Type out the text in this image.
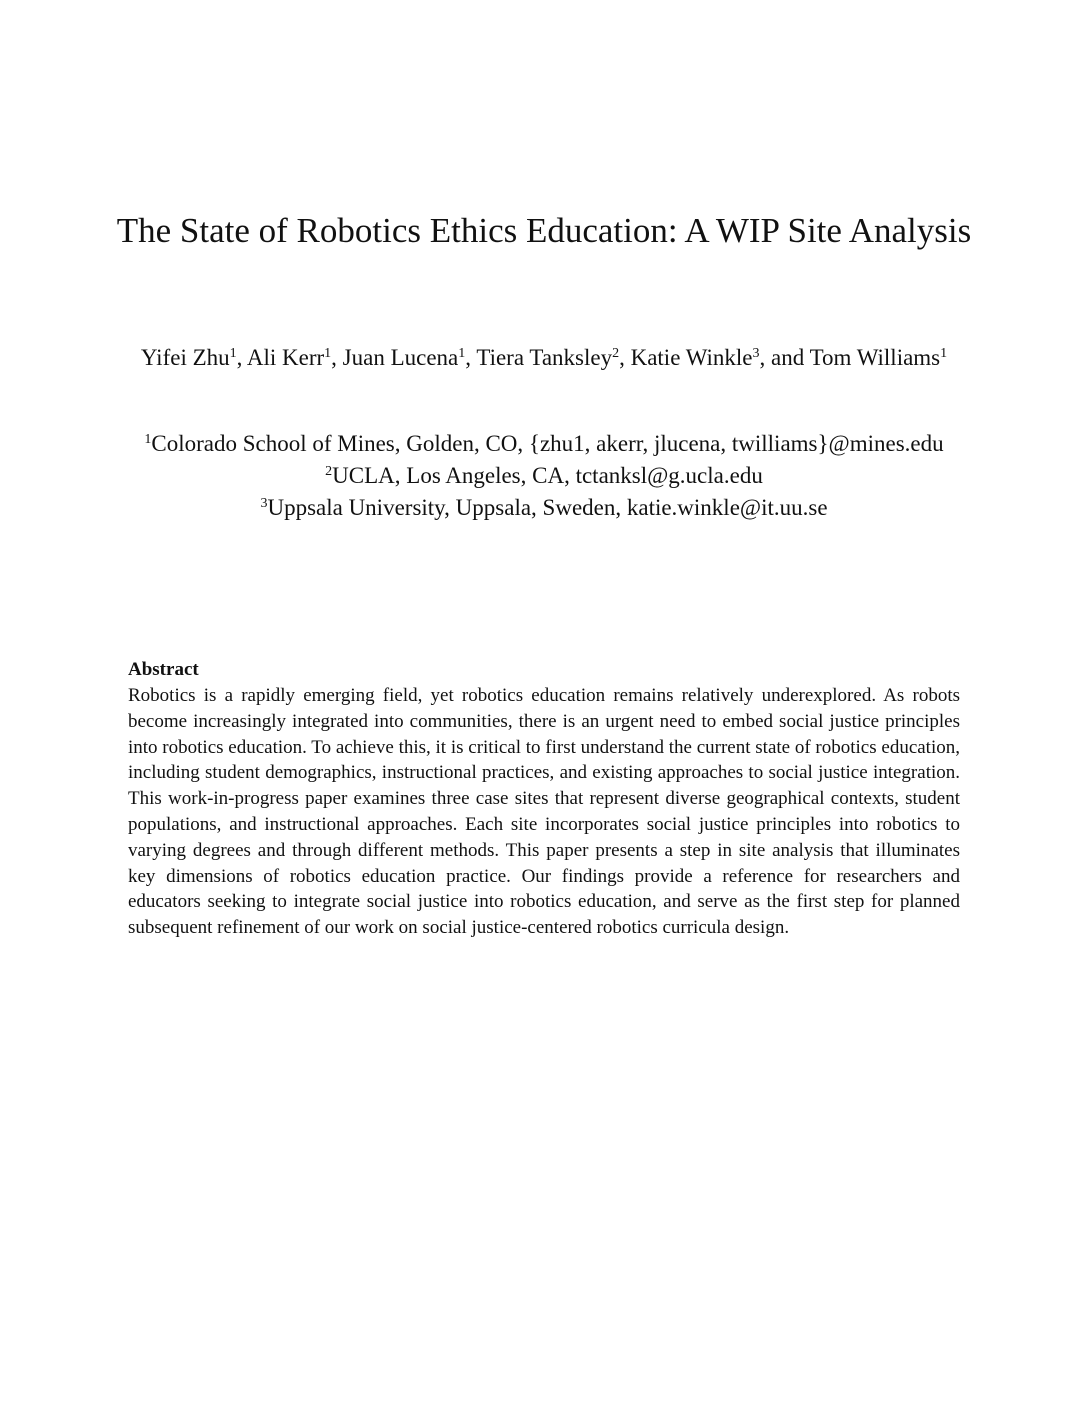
The State of Robotics Ethics Education: A WIP Site Analysis

Yifei Zhu$^1$, Ali Kerr$^1$, Juan Lucena$^1$, Tiera Tanksley$^2$, Katie Winkle$^3$, and Tom Williams$^1$

$^1$Colorado School of Mines, Golden, CO, {zhu1, akerr, jlucena, twilliams}@mines.edu
$^2$UCLA, Los Angeles, CA, tctanksl@g.ucla.edu
$^3$Uppsala University, Uppsala, Sweden, katie.winkle@it.uu.se

Abstract

Robotics is a rapidly emerging field, yet robotics education remains relatively underexplored. As robots become increasingly integrated into communities, there is an urgent need to embed social justice principles into robotics education. To achieve this, it is critical to first understand the current state of robotics education, including student demographics, instructional practices, and existing approaches to social justice integration. This work-in-progress paper examines three case sites that represent diverse geographical contexts, student populations, and instructional approaches. Each site incorporates social justice principles into robotics to varying degrees and through different methods. This paper presents a step in site analysis that illuminates key dimensions of robotics education practice. Our findings provide a reference for researchers and educators seeking to integrate social justice into robotics education, and serve as the first step for planned subsequent refinement of our work on social justice-centered robotics curricula design.
